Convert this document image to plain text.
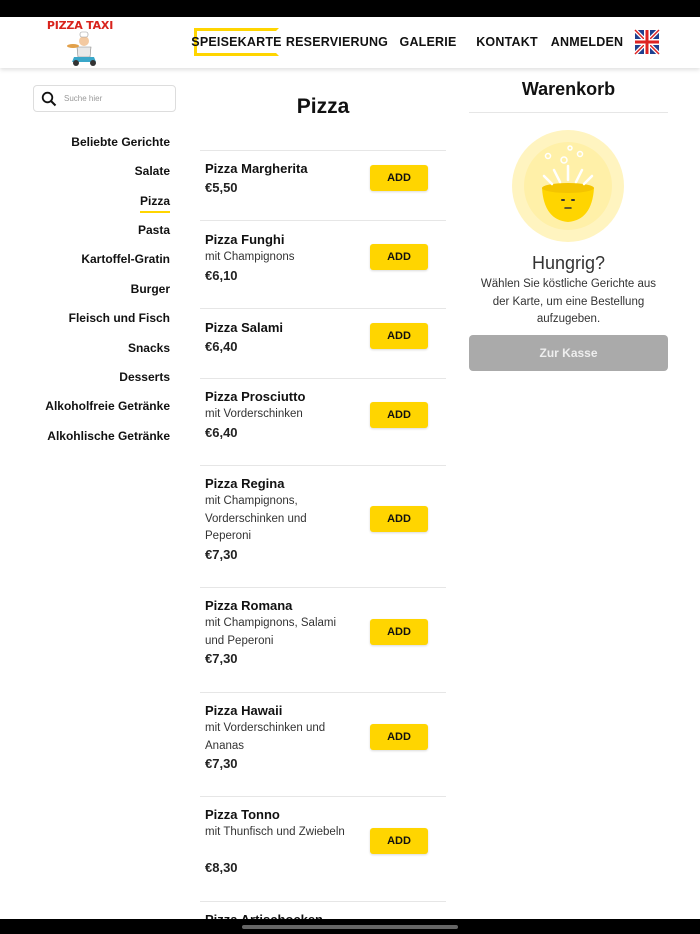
PIZZA TAXI
SPEISEKARTE RESERVIERUNG GALERIE KONTAKT ANMELDEN
Suche hier
Beliebte Gerichte
Salate
Pizza
Pasta
Kartoffel-Gratin
Burger
Fleisch und Fisch
Snacks
Desserts
Alkoholfreie Getränke
Alkohlische Getränke
Pizza
Pizza Margherita
€5,50
ADD
Pizza Funghi
mit Champignons
€6,10
ADD
Pizza Salami
€6,40
ADD
Pizza Prosciutto
mit Vorderschinken
€6,40
ADD
Pizza Regina
mit Champignons, Vorderschinken und Peperoni
€7,30
ADD
Pizza Romana
mit Champignons, Salami und Peperoni
€7,30
ADD
Pizza Hawaii
mit Vorderschinken und Ananas
€7,30
ADD
Pizza Tonno
mit Thunfisch und Zwiebeln
€8,30
ADD
Warenkorb
Hungrig?
Wählen Sie köstliche Gerichte aus der Karte, um eine Bestellung aufzugeben.
Zur Kasse
